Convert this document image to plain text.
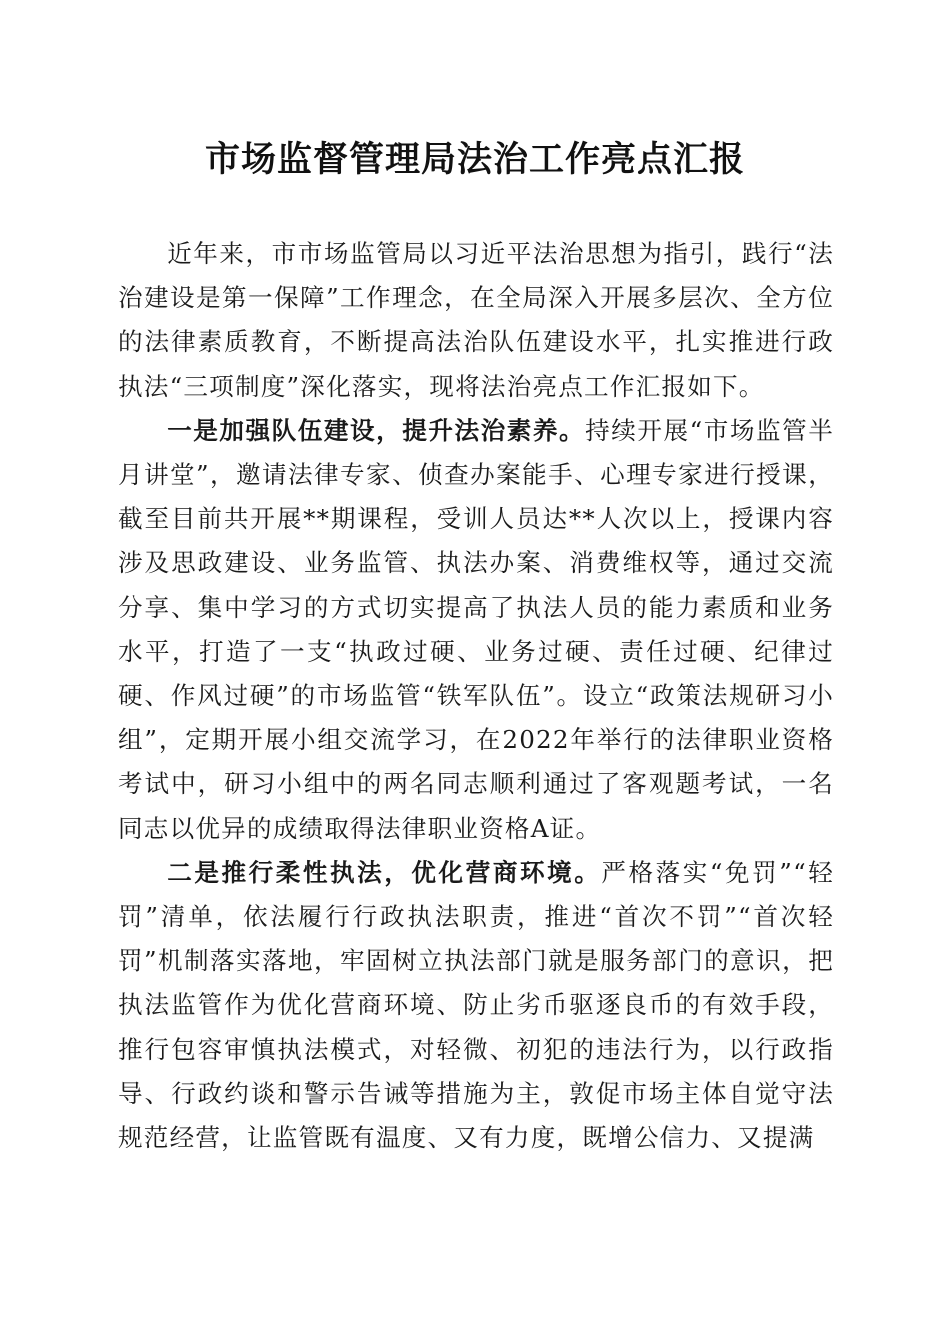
市场监督管理局法治工作亮点汇报

近年来，市市场监管局以习近平法治思想为指引，践行“法治建设是第一保障”工作理念，在全局深入开展多层次、全方位的法律素质教育，不断提高法治队伍建设水平，扎实推进行政执法“三项制度”深化落实，现将法治亮点工作汇报如下。

一是加强队伍建设，提升法治素养。持续开展“市场监管半月讲堂”，邀请法律专家、侦查办案能手、心理专家进行授课，截至目前共开展**期课程，受训人员达**人次以上，授课内容涉及思政建设、业务监管、执法办案、消费维权等，通过交流分享、集中学习的方式切实提高了执法人员的能力素质和业务水平，打造了一支“执政过硬、业务过硬、责任过硬、纪律过硬、作风过硬”的市场监管“铁军队伍”。设立“政策法规研习小组”，定期开展小组交流学习，在2022年举行的法律职业资格考试中，研习小组中的两名同志顺利通过了客观题考试，一名同志以优异的成绩取得法律职业资格A证。

二是推行柔性执法，优化营商环境。严格落实“免罚”“轻罚”清单，依法履行行政执法职责，推进“首次不罚”“首次轻罚”机制落实落地，牢固树立执法部门就是服务部门的意识，把执法监管作为优化营商环境、防止劣币驱逐良币的有效手段，推行包容审慎执法模式，对轻微、初犯的违法行为，以行政指导、行政约谈和警示告诫等措施为主，敦促市场主体自觉守法规范经营，让监管既有温度、又有力度，既增公信力、又提满
